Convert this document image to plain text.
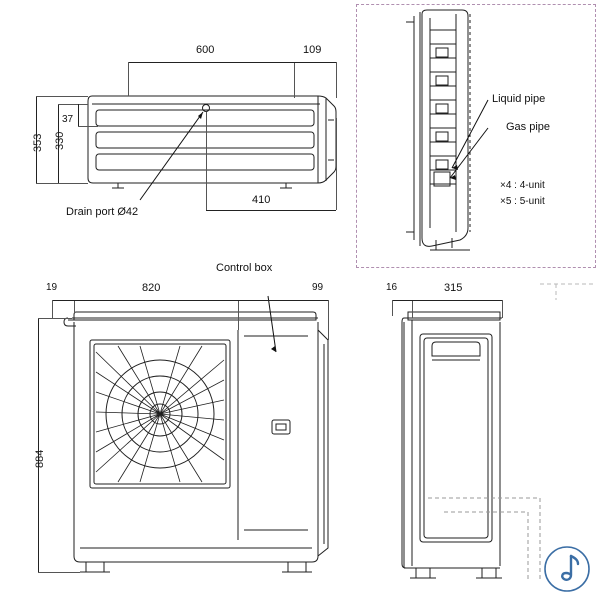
600	109
410
353 330
37
Drain port Ø42
Liquid pipe
Gas pipe
×4 : 4-unit
×5 : 5-unit
19	820	99
884
Control box
16	315
